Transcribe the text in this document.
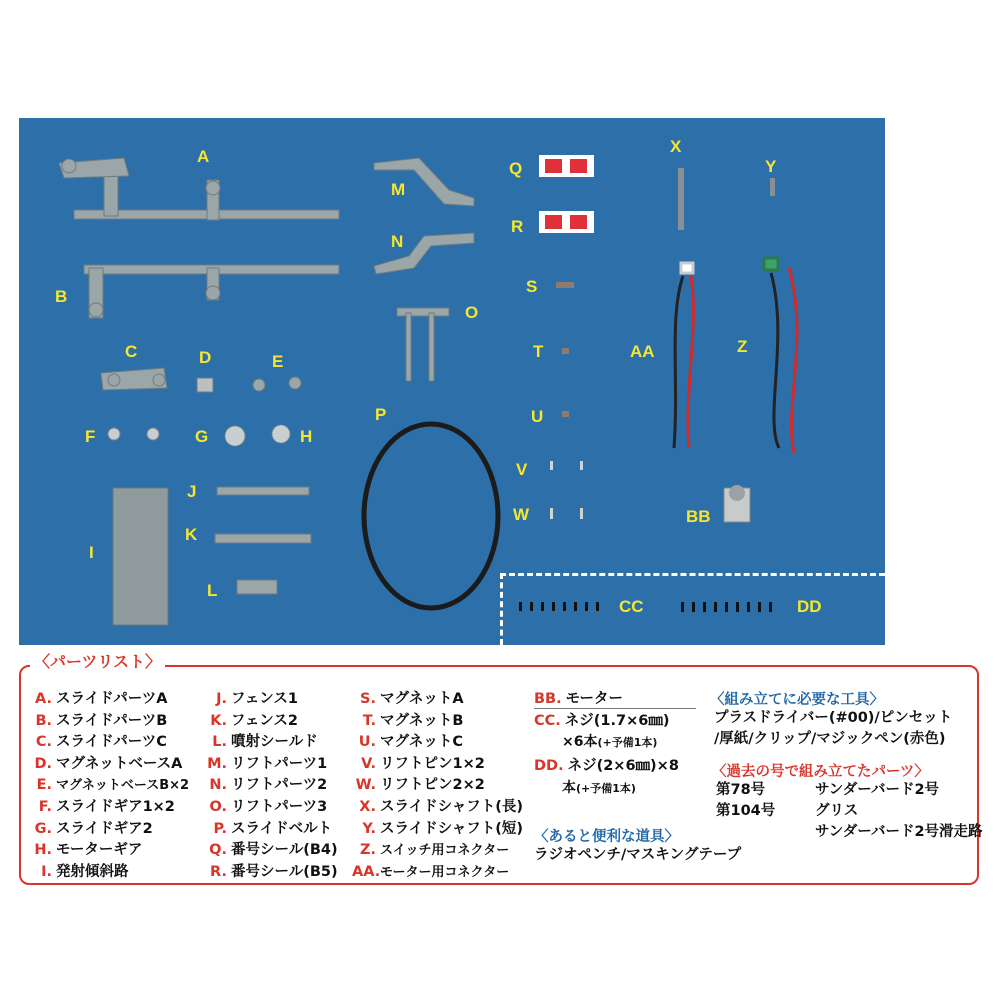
A
B
C	D	E
F	G	H
I
J
K
L
M
N
O
P
Q
R
S
T
U
V
W
X
Y
Z
AA
BB
CC	DD
〈パーツリスト〉
A. スライドパーツA
B. スライドパーツB
C. スライドパーツC
D. マグネットベースA
E. マグネットベースB×2
F. スライドギア1×2
G. スライドギア2
H. モーターギア
I. 発射傾斜路
J. フェンス1
K. フェンス2
L. 噴射シールド
M. リフトパーツ1
N. リフトパーツ2
O. リフトパーツ3
P. スライドベルト
Q. 番号シール(B4)
R. 番号シール(B5)
S. マグネットA
T. マグネットB
U. マグネットC
V. リフトピン1×2
W. リフトピン2×2
X. スライドシャフト(長)
Y. スライドシャフト(短)
Z. スイッチ用コネクター
AA.モーター用コネクター
BB. モーター
CC. ネジ(1.7×6㎜)
×6本(+予備1本)
DD. ネジ(2×6㎜)×8
本(+予備1本)
〈あると便利な道具〉
ラジオペンチ/マスキングテープ
〈組み立てに必要な工具〉
プラスドライバー(#00)/ピンセット
/厚紙/クリップ/マジックペン(赤色)
〈過去の号で組み立てたパーツ〉
第78号	サンダーバード2号
第104号	グリス
サンダーバード2号滑走路
